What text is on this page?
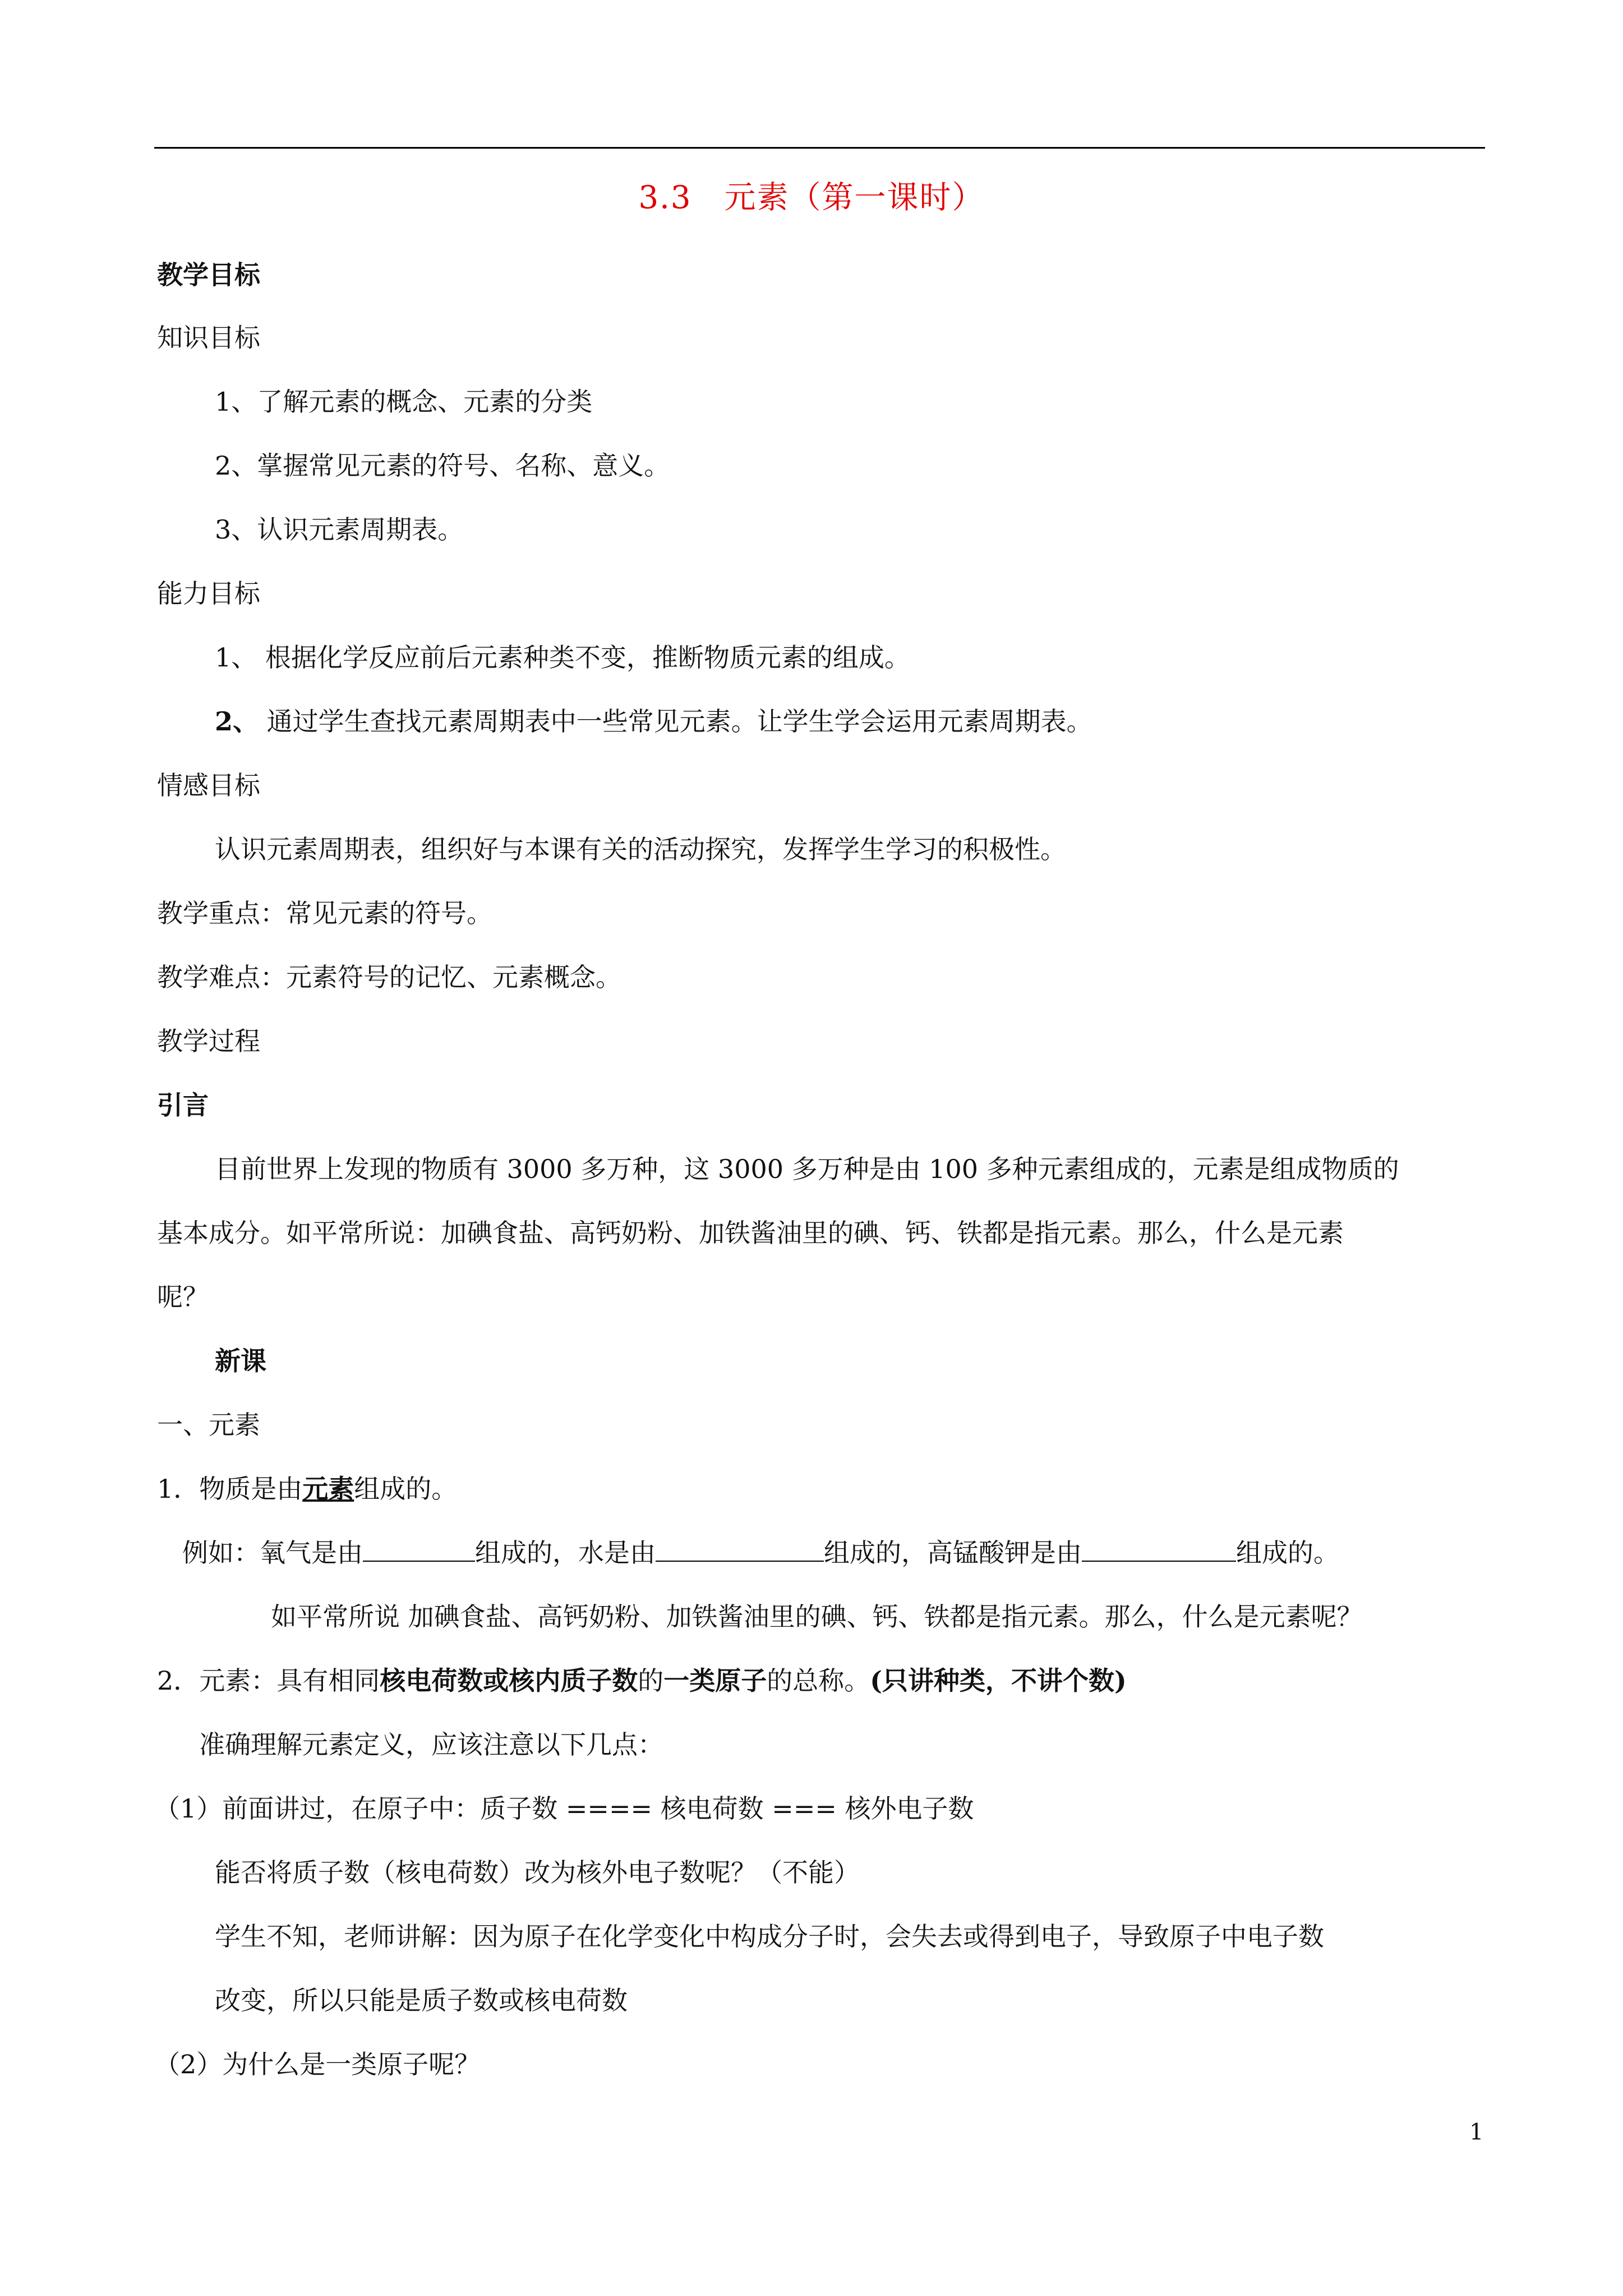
3.3　元素（第一课时）
教学目标
知识目标
1、了解元素的概念、元素的分类
2、掌握常见元素的符号、名称、意义。
3、认识元素周期表。
能力目标
1、 根据化学反应前后元素种类不变，推断物质元素的组成。
2、 通过学生查找元素周期表中一些常见元素。让学生学会运用元素周期表。
情感目标
认识元素周期表，组织好与本课有关的活动探究，发挥学生学习的积极性。
教学重点：常见元素的符号。
教学难点：元素符号的记忆、元素概念。
教学过程
引言
目前世界上发现的物质有 3000 多万种，这 3000 多万种是由 100 多种元素组成的，元素是组成物质的
基本成分。如平常所说：加碘食盐、高钙奶粉、加铁酱油里的碘、钙、铁都是指元素。那么，什么是元素
呢？
新课
一、元素
1．物质是由元素组成的。
例如：氧气是由	组成的，水是由	组成的，高锰酸钾是由	组成的。
如平常所说 加碘食盐、高钙奶粉、加铁酱油里的碘、钙、铁都是指元素。那么，什么是元素呢？
2．元素：具有相同核电荷数或核内质子数的一类原子的总称。(只讲种类，不讲个数)
准确理解元素定义，应该注意以下几点：
（1）前面讲过，在原子中：质子数 ==== 核电荷数 === 核外电子数
能否将质子数（核电荷数）改为核外电子数呢？（不能）
学生不知，老师讲解：因为原子在化学变化中构成分子时，会失去或得到电子，导致原子中电子数
改变，所以只能是质子数或核电荷数
（2）为什么是一类原子呢？
1
